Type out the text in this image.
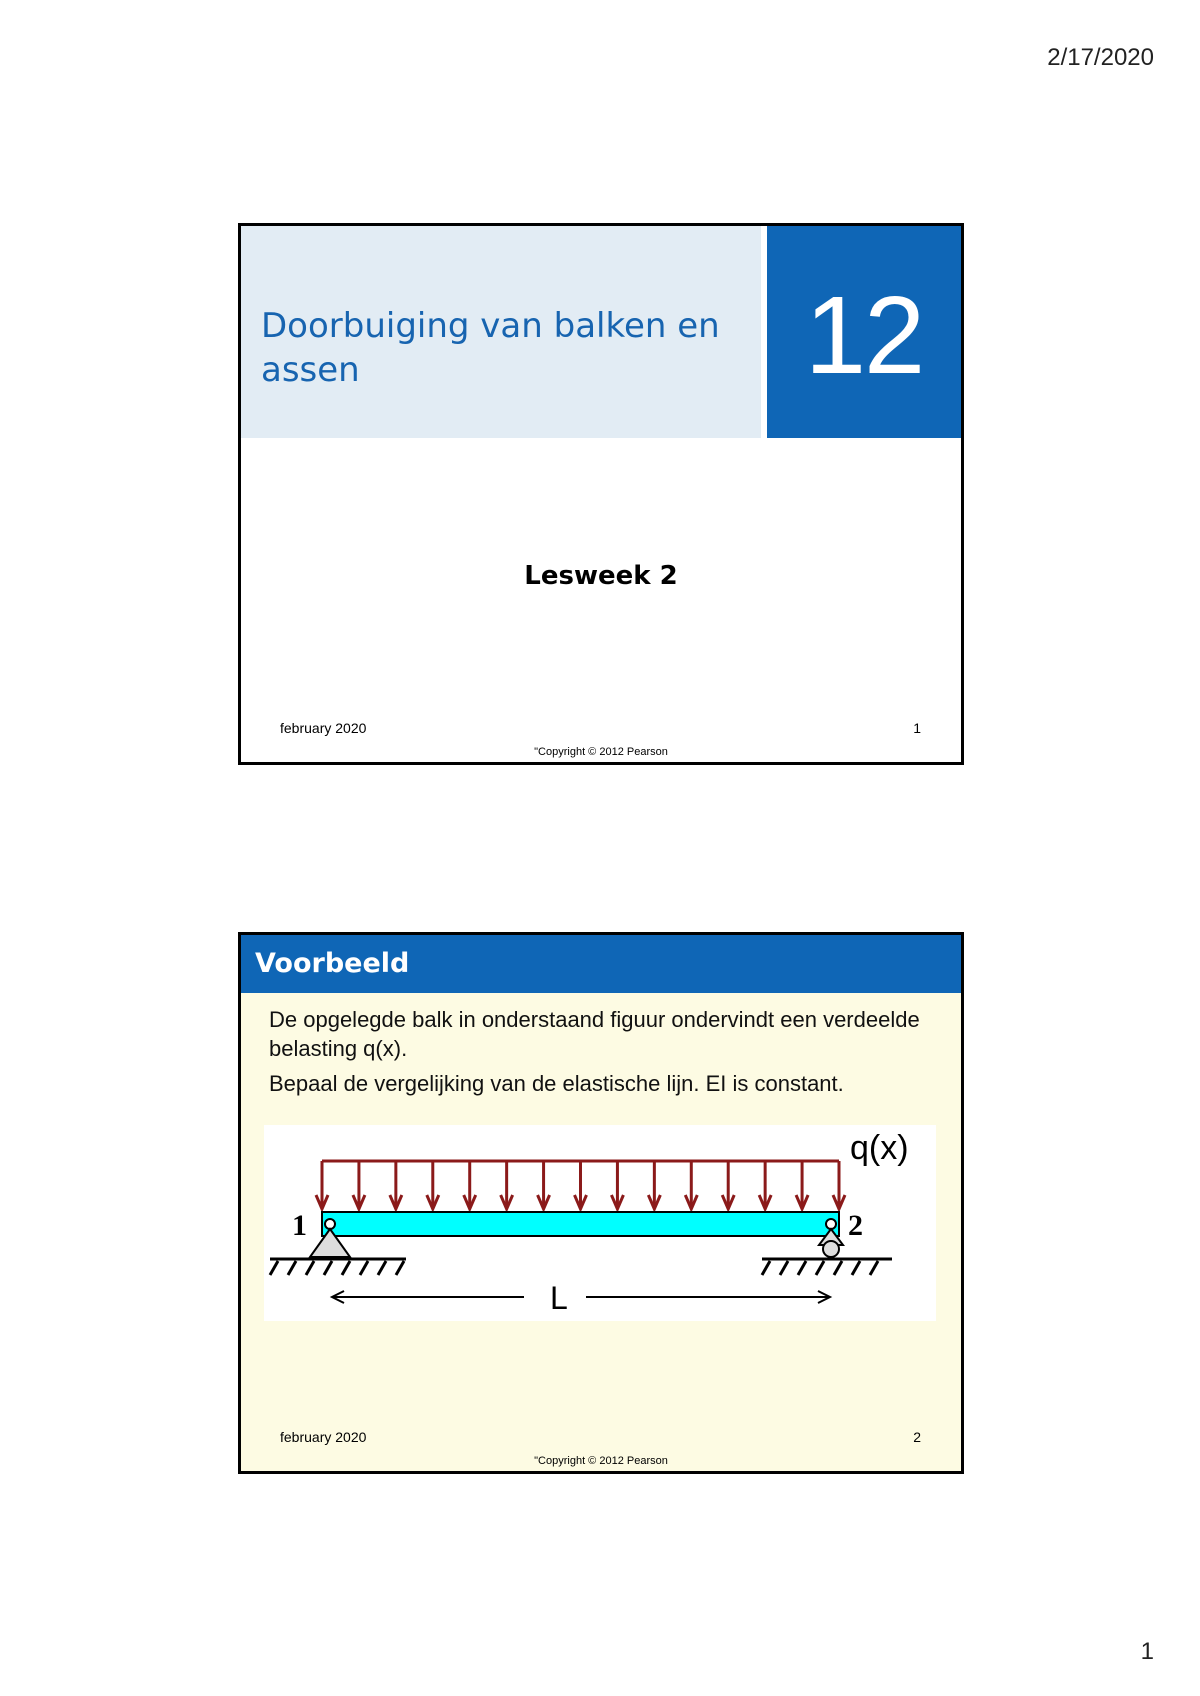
2/17/2020
Doorbuiging van balken en assen	12
Lesweek 2
february 2020	1
"Copyright © 2012 Pearson
Voorbeeld

De opgelegde balk in onderstaand figuur ondervindt een verdeelde belasting q(x).

Bepaal de vergelijking van de elastische lijn. EI is constant.

L
q(x)
1	2
february 2020	2
"Copyright © 2012 Pearson
1
